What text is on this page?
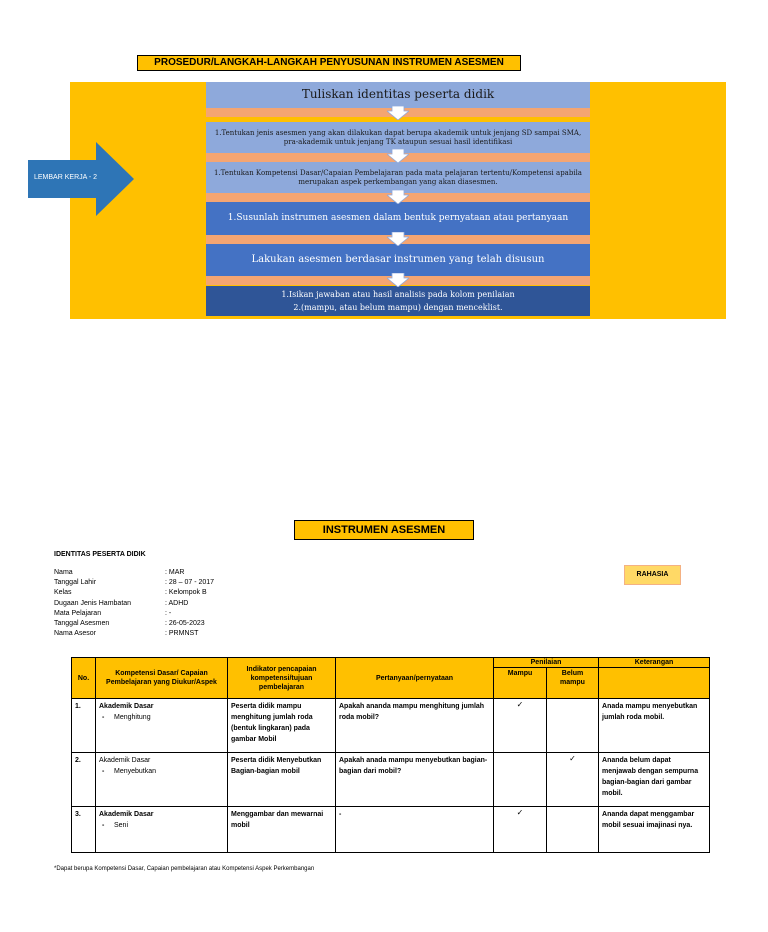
PROSEDUR/LANGKAH-LANGKAH PENYUSUNAN INSTRUMEN ASESMEN
Tuliskan identitas peserta didik
1.Tentukan jenis asesmen yang akan dilakukan dapat berupa akademik untuk jenjang SD sampai SMA, pra-akademik untuk jenjang TK ataupun sesuai hasil identifikasi
1.Tentukan Kompetensi Dasar/Capaian Pembelajaran pada mata pelajaran tertentu/Kompetensi apabila merupakan aspek perkembangan yang akan diasesmen.
1.Susunlah instrumen asesmen dalam bentuk pernyataan atau pertanyaan
Lakukan asesmen berdasar instrumen yang telah disusun
1.Isikan jawaban atau hasil analisis pada kolom penilaian
2.(mampu, atau belum mampu) dengan menceklist.
LEMBAR KERJA - 2
INSTRUMEN ASESMEN
IDENTITAS PESERTA DIDIK
Nama	: MAR
Tanggal Lahir	: 28 – 07 - 2017
Kelas	: Kelompok B
Dugaan Jenis Hambatan	: ADHD
Mata Pelajaran	: -
Tanggal Asesmen	: 26-05-2023
Nama Asesor	: PRMNST
RAHASIA
No.	Kompetensi Dasar/ Capaian Pembelajaran yang Diukur/Aspek	Indikator pencapaian kompetensi/tujuan pembelajaran	Pertanyaan/pernyataan	Penilaian		Keterangan
				Mampu	Belum mampu	
1.	Akademik Dasar
- Menghitung	Peserta didik mampu menghitung jumlah roda (bentuk lingkaran) pada gambar Mobil	Apakah ananda mampu menghitung jumlah roda mobil?	✓		Anada mampu menyebutkan jumlah roda mobil.
2.	Akademik Dasar
- Menyebutkan	Peserta didik Menyebutkan Bagian-bagian mobil	Apakah anada mampu menyebutkan bagian-bagian dari mobil?		✓	Ananda belum dapat menjawab dengan sempurna bagian-bagian dari gambar mobil.
3.	Akademik Dasar
- Seni	Menggambar dan mewarnai mobil	-	✓		Ananda dapat menggambar mobil sesuai imajinasi nya.
*Dapat berupa Kompetensi Dasar, Capaian pembelajaran atau Kompetensi Aspek Perkembangan
